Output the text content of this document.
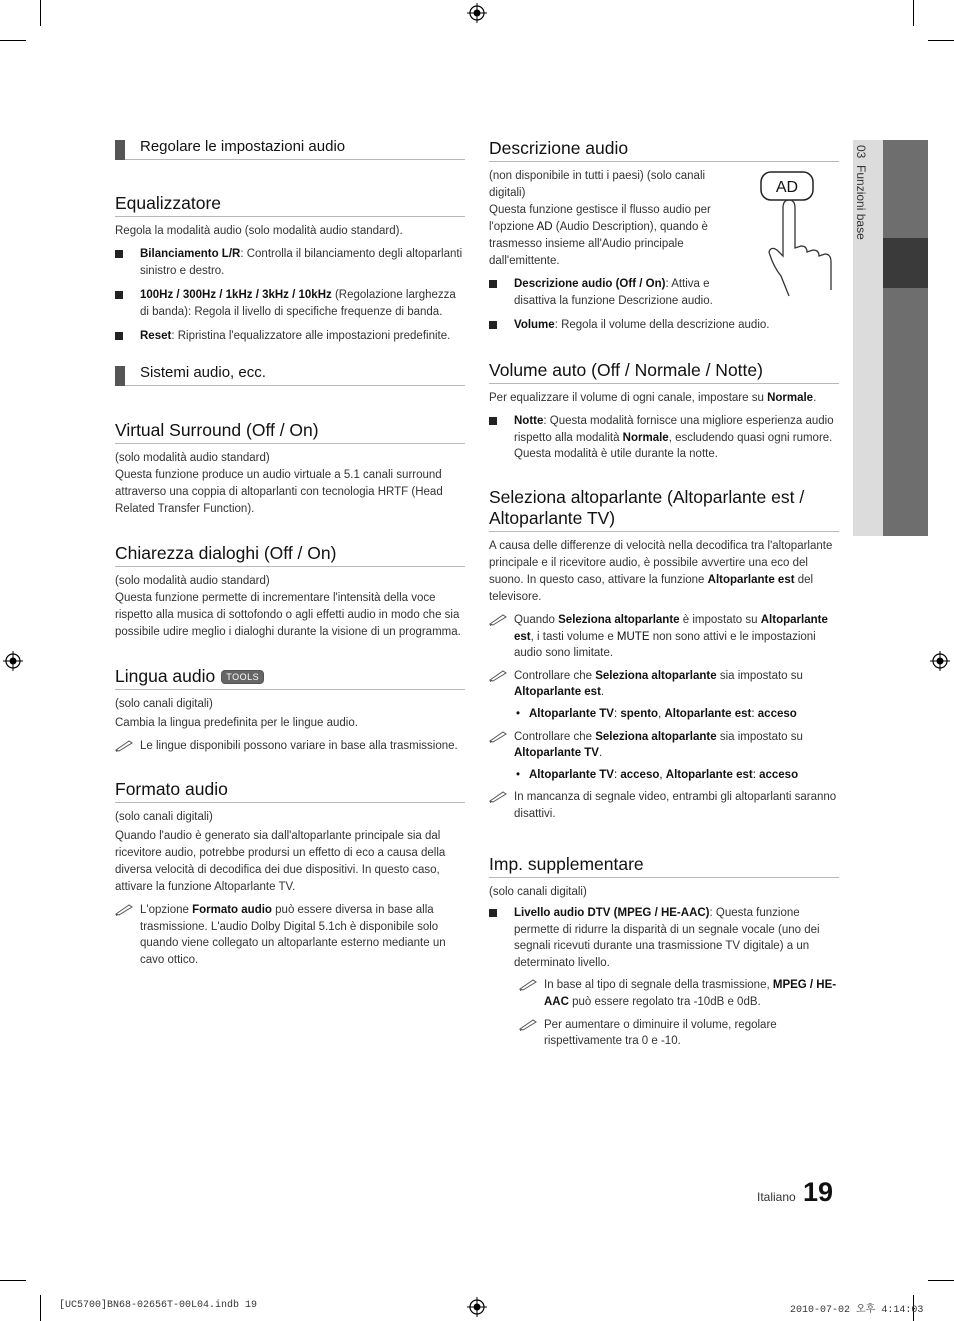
03  Funzioni base
Regolare le impostazioni audio
Equalizzatore

Regola la modalità audio (solo modalità audio standard).

Bilanciamento L/R: Controlla il bilanciamento degli altoparlanti sinistro e destro.
100Hz / 300Hz / 1kHz / 3kHz / 10kHz (Regolazione larghezza di banda): Regola il livello di specifiche frequenze di banda.
Reset: Ripristina l'equalizzatore alle impostazioni predefinite.
Sistemi audio, ecc.
Virtual Surround (Off / On)

(solo modalità audio standard)

Questa funzione produce un audio virtuale a 5.1 canali surround attraverso una coppia di altoparlanti con tecnologia HRTF (Head Related Transfer Function).

Chiarezza dialoghi (Off / On)

(solo modalità audio standard)

Questa funzione permette di incrementare l'intensità della voce rispetto alla musica di sottofondo o agli effetti audio in modo che sia possibile udire meglio i dialoghi durante la visione di un programma.

Lingua audio TOOLS

(solo canali digitali)

Cambia la lingua predefinita per le lingue audio.

Le lingue disponibili possono variare in base alla trasmissione.
Formato audio

(solo canali digitali)

Quando l'audio è generato sia dall'altoparlante principale sia dal ricevitore audio, potrebbe prodursi un effetto di eco a causa della diversa velocità di decodifica dei due dispositivi. In questo caso, attivare la funzione Altoparlante TV.

L'opzione Formato audio può essere diversa in base alla trasmissione. L'audio Dolby Digital 5.1ch è disponibile solo quando viene collegato un altoparlante esterno mediante un cavo ottico.
Descrizione audio

(non disponibile in tutti i paesi) (solo canali digitali)

Questa funzione gestisce il flusso audio per l'opzione AD (Audio Description), quando è trasmesso insieme all'Audio principale dall'emittente.

AD
Descrizione audio (Off / On): Attiva e disattiva la funzione Descrizione audio.
Volume: Regola il volume della descrizione audio.
Volume auto (Off / Normale / Notte)

Per equalizzare il volume di ogni canale, impostare su Normale.

Notte: Questa modalità fornisce una migliore esperienza audio rispetto alla modalità Normale, escludendo quasi ogni rumore. Questa modalità è utile durante la notte.
Seleziona altoparlante (Altoparlante est / Altoparlante TV)

A causa delle differenze di velocità nella decodifica tra l'altoparlante principale e il ricevitore audio, è possibile avvertire una eco del suono. In questo caso, attivare la funzione Altoparlante est del televisore.

Quando Seleziona altoparlante è impostato su Altoparlante est, i tasti volume e MUTE non sono attivi e le impostazioni audio sono limitate.
Controllare che Seleziona altoparlante sia impostato su Altoparlante est.
• Altoparlante TV: spento, Altoparlante est: acceso
Controllare che Seleziona altoparlante sia impostato su Altoparlante TV.
• Altoparlante TV: acceso, Altoparlante est: acceso
In mancanza di segnale video, entrambi gli altoparlanti saranno disattivi.
Imp. supplementare

(solo canali digitali)

Livello audio DTV (MPEG / HE-AAC): Questa funzione permette di ridurre la disparità di un segnale vocale (uno dei segnali ricevuti durante una trasmissione TV digitale) a un determinato livello.
In base al tipo di segnale della trasmissione, MPEG / HE-AAC può essere regolato tra -10dB e 0dB.
Per aumentare o diminuire il volume, regolare rispettivamente tra 0 e -10.
Italiano 19
[UC5700]BN68-02656T-00L04.indb 19	2010-07-02 오후 4:14:03
